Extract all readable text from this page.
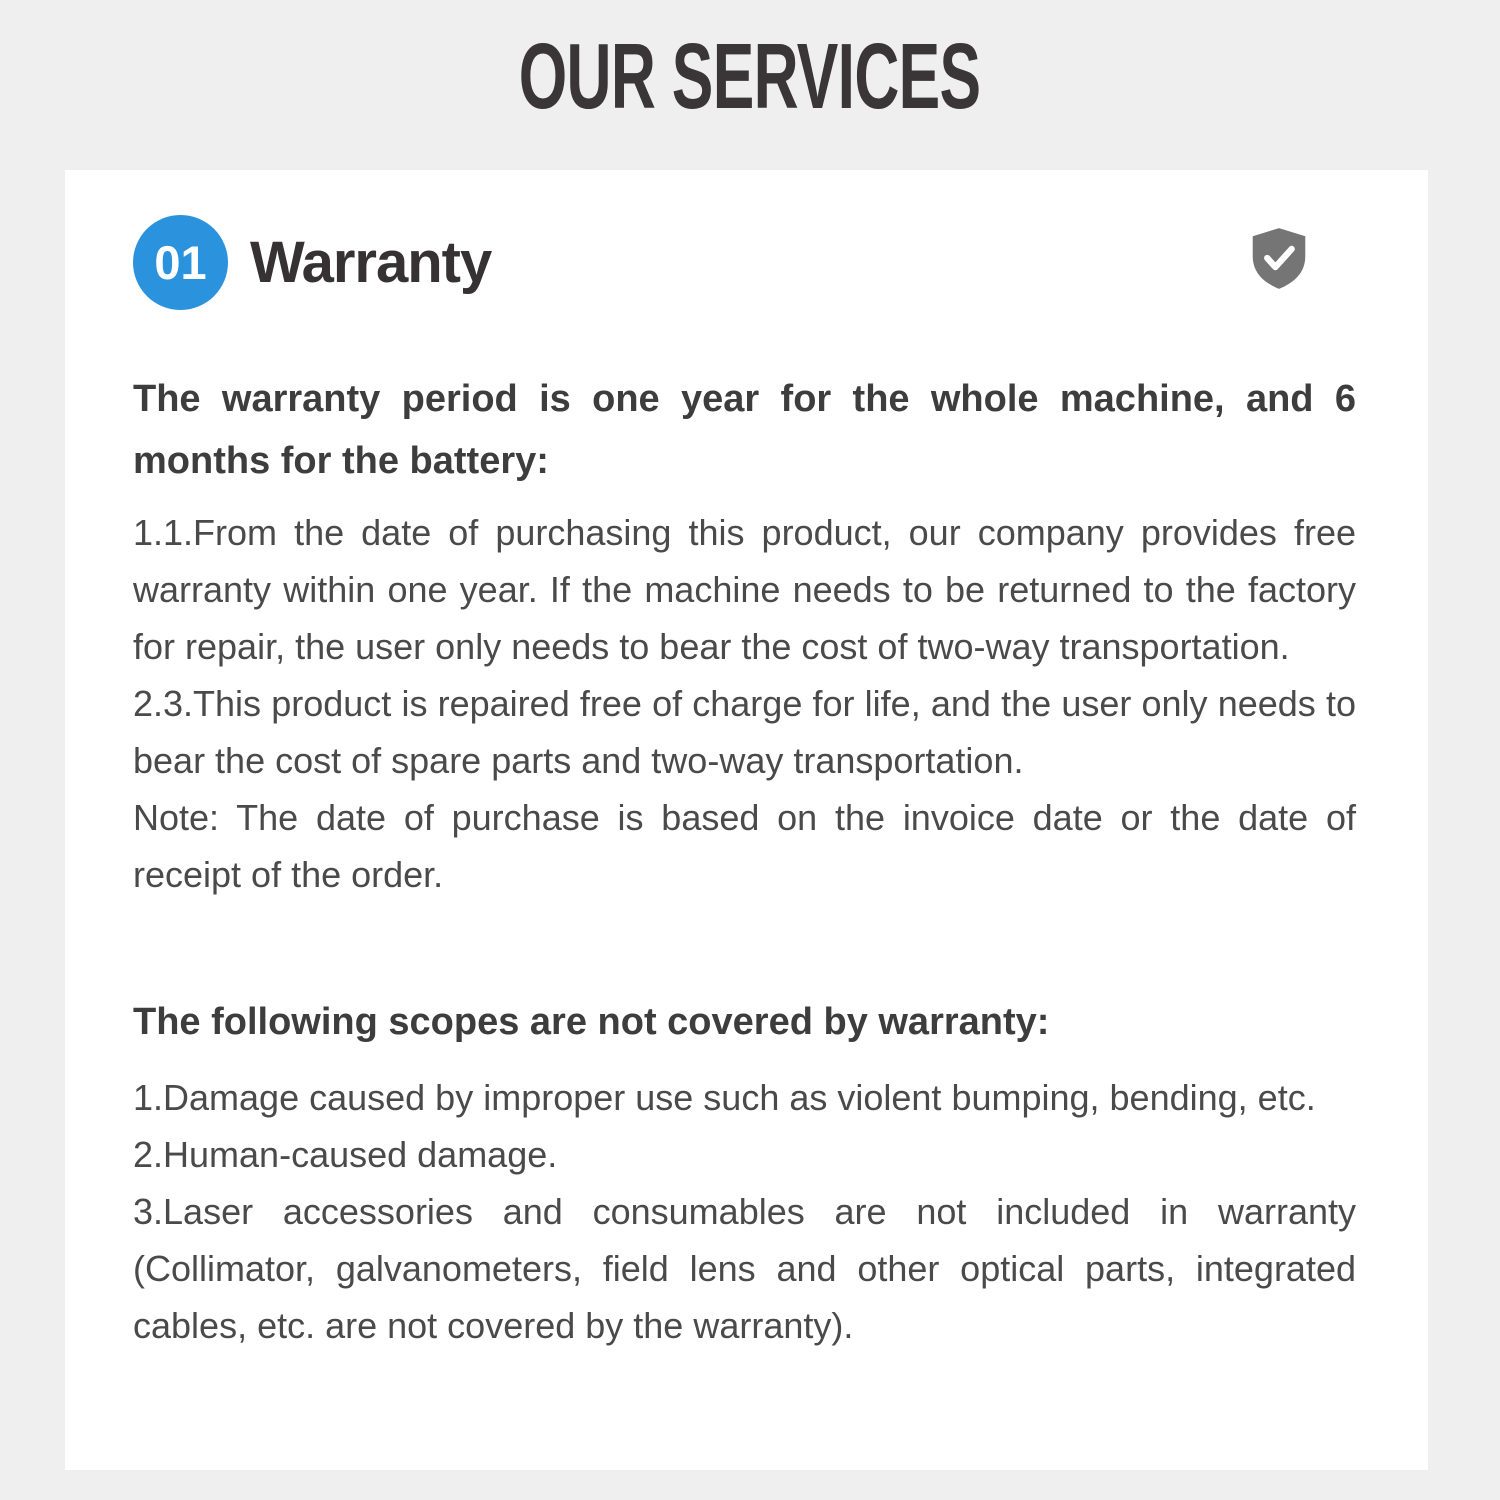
OUR SERVICES
01 Warranty

The warranty period is one year for the whole machine, and 6 months for the battery:

1.1.From the date of purchasing this product, our company provides free warranty within one year. If the machine needs to be returned to the factory for repair, the user only needs to bear the cost of two-way transportation.

2.3.This product is repaired free of charge for life, and the user only needs to bear the cost of spare parts and two-way transportation.

Note: The date of purchase is based on the invoice date or the date of receipt of the order.

The following scopes are not covered by warranty:

1.Damage caused by improper use such as violent bumping, bending, etc.

2.Human-caused damage.

3.Laser accessories and consumables are not included in warranty (Collimator, galvanometers, field lens and other optical parts, integrated cables, etc. are not covered by the warranty).
